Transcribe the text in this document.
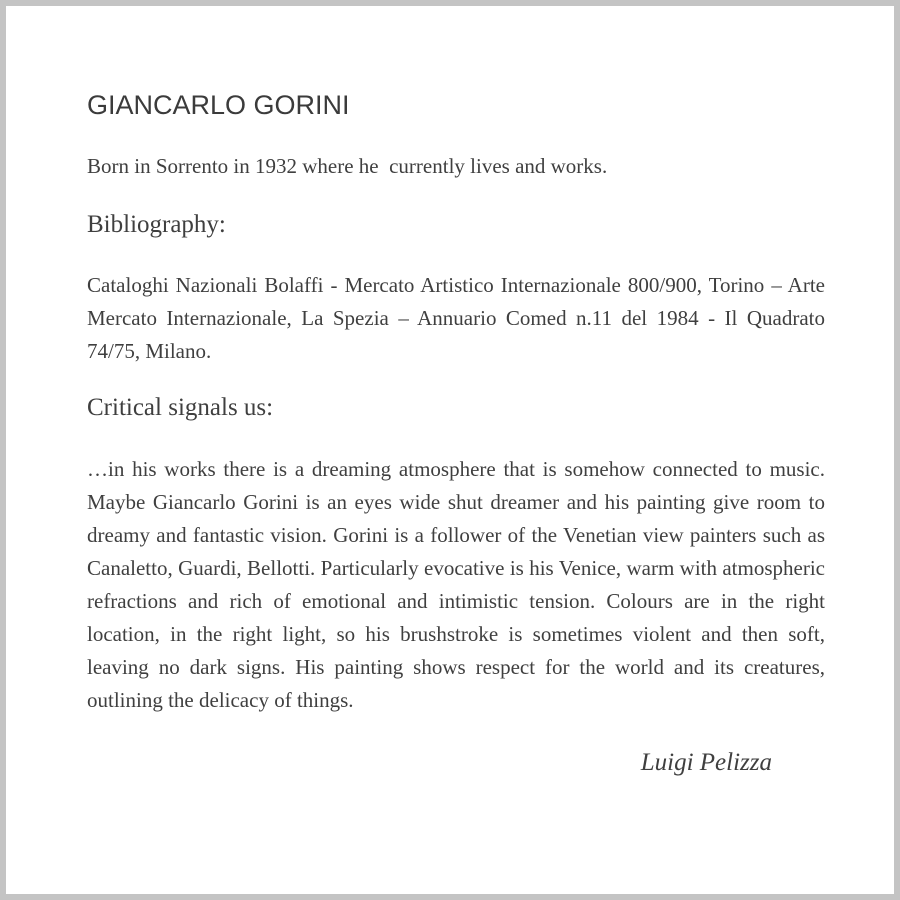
GIANCARLO GORINI

Born in Sorrento in 1932 where he  currently lives and works.

Bibliography:

Cataloghi Nazionali Bolaffi - Mercato Artistico Internazionale 800/900, Torino – Arte Mercato Internazionale, La Spezia – Annuario Comed n.11 del 1984 - Il Quadrato 74/75, Milano.

Critical signals us:

…in his works there is a dreaming atmosphere that is somehow connected to music. Maybe Giancarlo Gorini is an eyes wide shut dreamer and his painting give room to dreamy and fantastic vision. Gorini is a follower of the Venetian view painters such as Canaletto, Guardi, Bellotti. Particularly evocative is his Venice, warm with atmospheric refractions and rich of emotional and intimistic tension. Colours are in the right location, in the right light, so his brushstroke is sometimes violent and then soft, leaving no dark signs. His painting shows respect for the world and its creatures, outlining the delicacy of things.

Luigi Pelizza
